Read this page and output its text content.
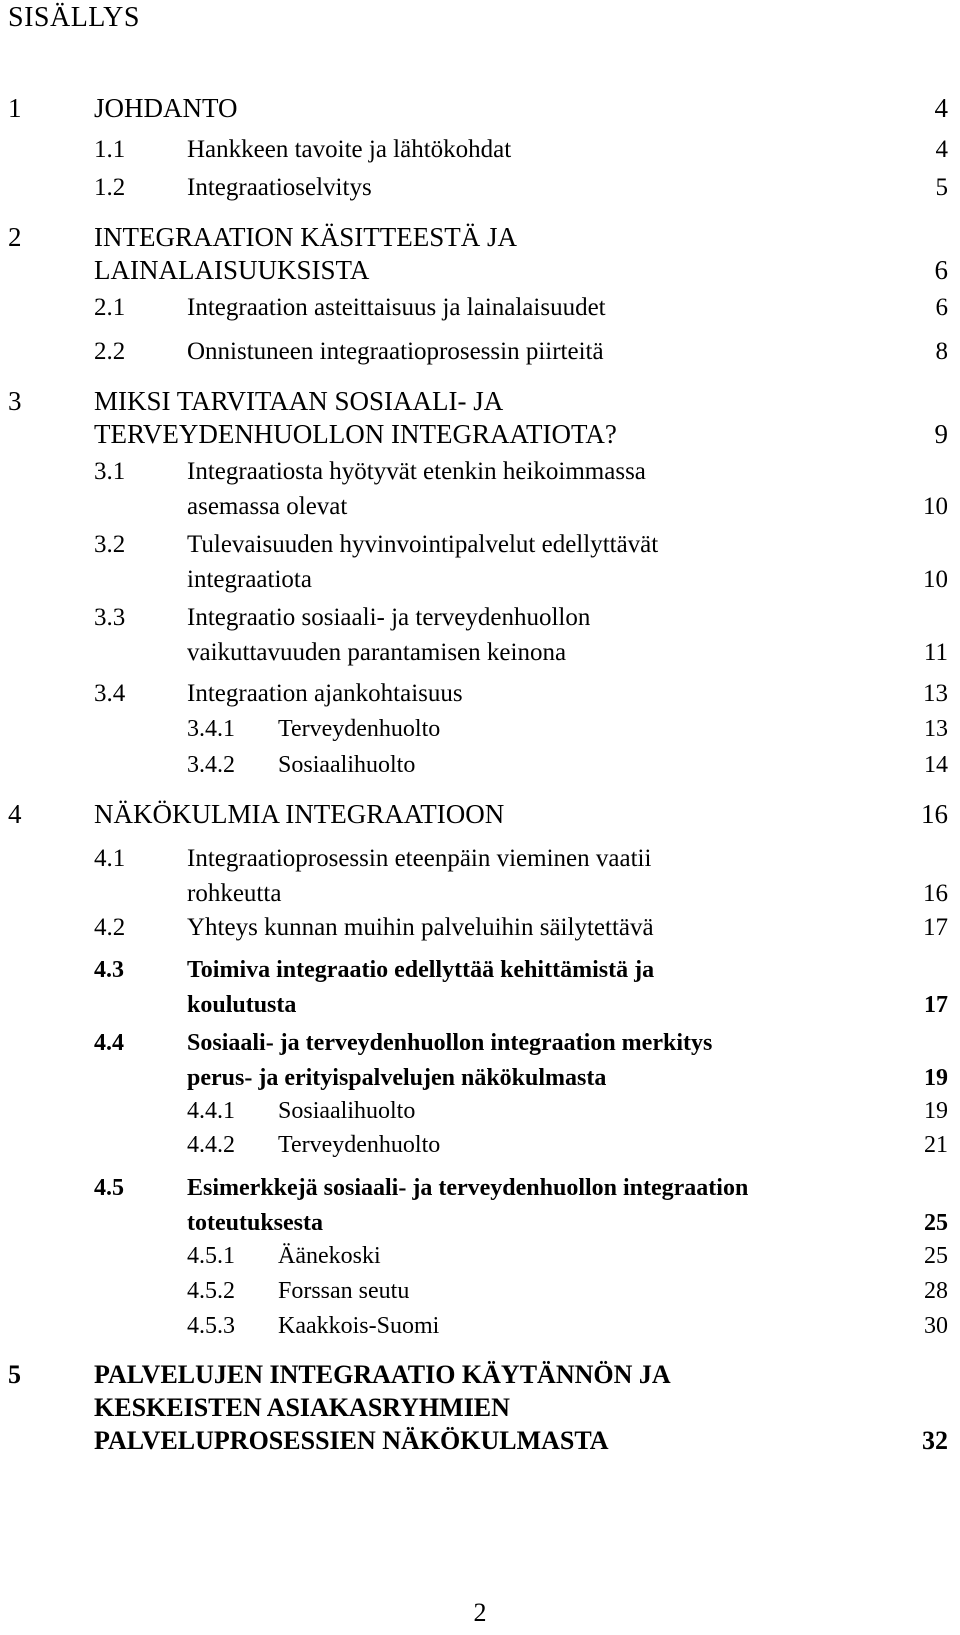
SISÄLLYS
1	JOHDANTO	4
1.1 Hankkeen tavoite ja lähtökohdat	4
1.2 Integraatioselvitys	5
2	INTEGRAATION KÄSITTEESTÄ JA
LAINALAISUUKSISTA	6
2.1 Integraation asteittaisuus ja lainalaisuudet	6
2.2 Onnistuneen integraatioprosessin piirteitä	8
3	MIKSI TARVITAAN SOSIAALI- JA
TERVEYDENHUOLLON INTEGRAATIOTA?	9
3.1 Integraatiosta hyötyvät etenkin heikoimmassa
asemassa olevat	10
3.2 Tulevaisuuden hyvinvointipalvelut edellyttävät
integraatiota	10
3.3 Integraatio sosiaali- ja terveydenhuollon
vaikuttavuuden parantamisen keinona	11
3.4 Integraation ajankohtaisuus	13
3.4.1 Terveydenhuolto	13
3.4.2 Sosiaalihuolto	14
4	NÄKÖKULMIA INTEGRAATIOON	16
4.1 Integraatioprosessin eteenpäin vieminen vaatii
rohkeutta	16
4.2 Yhteys kunnan muihin palveluihin säilytettävä	17
4.3	Toimiva integraatio edellyttää kehittämistä ja
koulutusta	17
4.4	Sosiaali- ja terveydenhuollon integraation merkitys
perus- ja erityispalvelujen näkökulmasta	19
4.4.1 Sosiaalihuolto	19
4.4.2 Terveydenhuolto	21
4.5	Esimerkkejä sosiaali- ja terveydenhuollon integraation
toteutuksesta	25
4.5.1 Äänekoski	25
4.5.2 Forssan seutu	28
4.5.3 Kaakkois-Suomi	30
5	PALVELUJEN INTEGRAATIO KÄYTÄNNÖN JA
KESKEISTEN ASIAKASRYHMIEN
PALVELUPROSESSIEN NÄKÖKULMASTA	32
2
